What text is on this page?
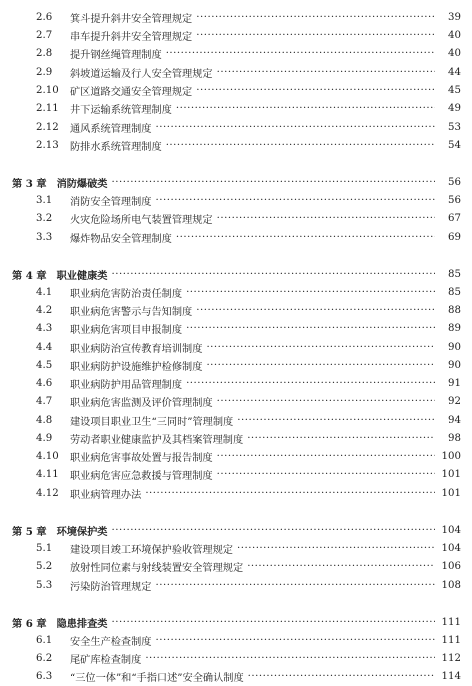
2.6	箕斗提升斜井安全管理规定 ·····	39
2.7	串车提升斜井安全管理规定 ·····	40
2.8	提升钢丝绳管理制度 ·····	40
2.9	斜坡道运输及行人安全管理规定 ·····	44
2.10	矿区道路交通安全管理规定 ·····	45
2.11	井下运输系统管理制度 ·····	49
2.12	通风系统管理制度 ·····	53
2.13	防排水系统管理制度 ·····	54
第 3 章 消防爆破类 ·····	56
3.1	消防安全管理制度 ·····	56
3.2	火灾危险场所电气装置管理规定 ·····	67
3.3	爆炸物品安全管理制度 ·····	69
第 4 章 职业健康类 ·····	85
4.1	职业病危害防治责任制度 ·····	85
4.2	职业病危害警示与告知制度 ·····	88
4.3	职业病危害项目申报制度 ·····	89
4.4	职业病防治宣传教育培训制度 ·····	90
4.5	职业病防护设施维护检修制度 ·····	90
4.6	职业病防护用品管理制度 ·····	91
4.7	职业病危害监测及评价管理制度 ·····	92
4.8	建设项目职业卫生“三同时”管理制度 ·····	94
4.9	劳动者职业健康监护及其档案管理制度 ·····	98
4.10	职业病危害事故处置与报告制度 ·····	100
4.11	职业病危害应急救援与管理制度 ·····	101
4.12	职业病管理办法 ·····	101
第 5 章 环境保护类 ·····	104
5.1	建设项目竣工环境保护验收管理规定 ·····	104
5.2	放射性同位素与射线装置安全管理规定 ·····	106
5.3	污染防治管理规定 ·····	108
第 6 章 隐患排查类 ·····	111
6.1	安全生产检查制度 ·····	111
6.2	尾矿库检查制度 ·····	112
6.3	“三位一体”和“手指口述”安全确认制度 ·····	114
